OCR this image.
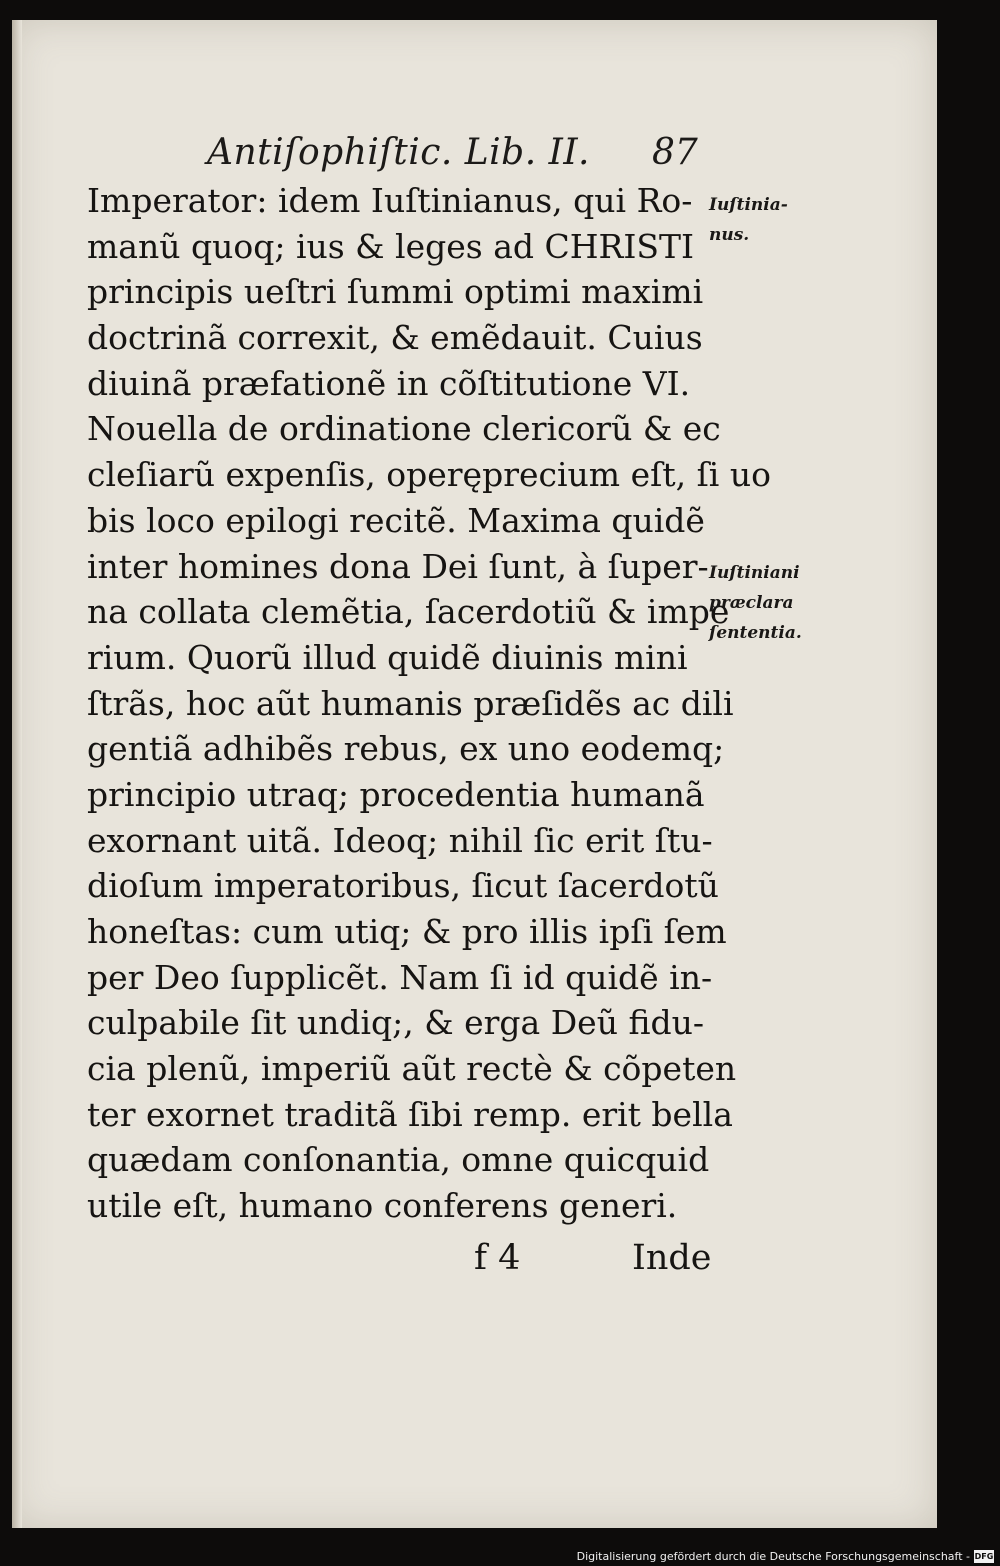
Antiſophiſtic. Lib. II. 87
Imperator: idem Iuſtinianus, qui Ro-
manũ quoq; ius & leges ad CHRISTI
principis ueſtri ſummi optimi maximi
doctrinã correxit, & emẽdauit. Cuius
diuinã præfationẽ in cõſtitutione VI.
Nouella de ordinatione clericorũ & ec
cleſiarũ expenſis, operęprecium eſt, ſi uo
bis loco epilogi recitẽ. Maxima quidẽ
inter homines dona Dei ſunt, à ſuper-
na collata clemẽtia, ſacerdotiũ & impe
rium. Quorũ illud quidẽ diuinis mini
ſtrãs, hoc aũt humanis præſidẽs ac dili
gentiã adhibẽs rebus, ex uno eodemq;
principio utraq; procedentia humanã
exornant uitã. Ideoq; nihil ſic erit ſtu-
dioſum imperatoribus, ſicut ſacerdotũ
honeſtas: cum utiq; & pro illis ipſi ſem
per Deo ſupplicẽt. Nam ſi id quidẽ in-
culpabile ſit undiq;, & erga Deũ fidu-
cia plenũ, imperiũ aũt rectè & cõpeten
ter exornet traditã ſibi remp. erit bella
quædam conſonantia, omne quicquid
utile eſt, humano conferens generi.
Iuſtinia-
nus.
Iuſtiniani
præclara
ſententia.
f 4	Inde
Digitalisierung gefördert durch die Deutsche Forschungsgemeinschaft - DFG
